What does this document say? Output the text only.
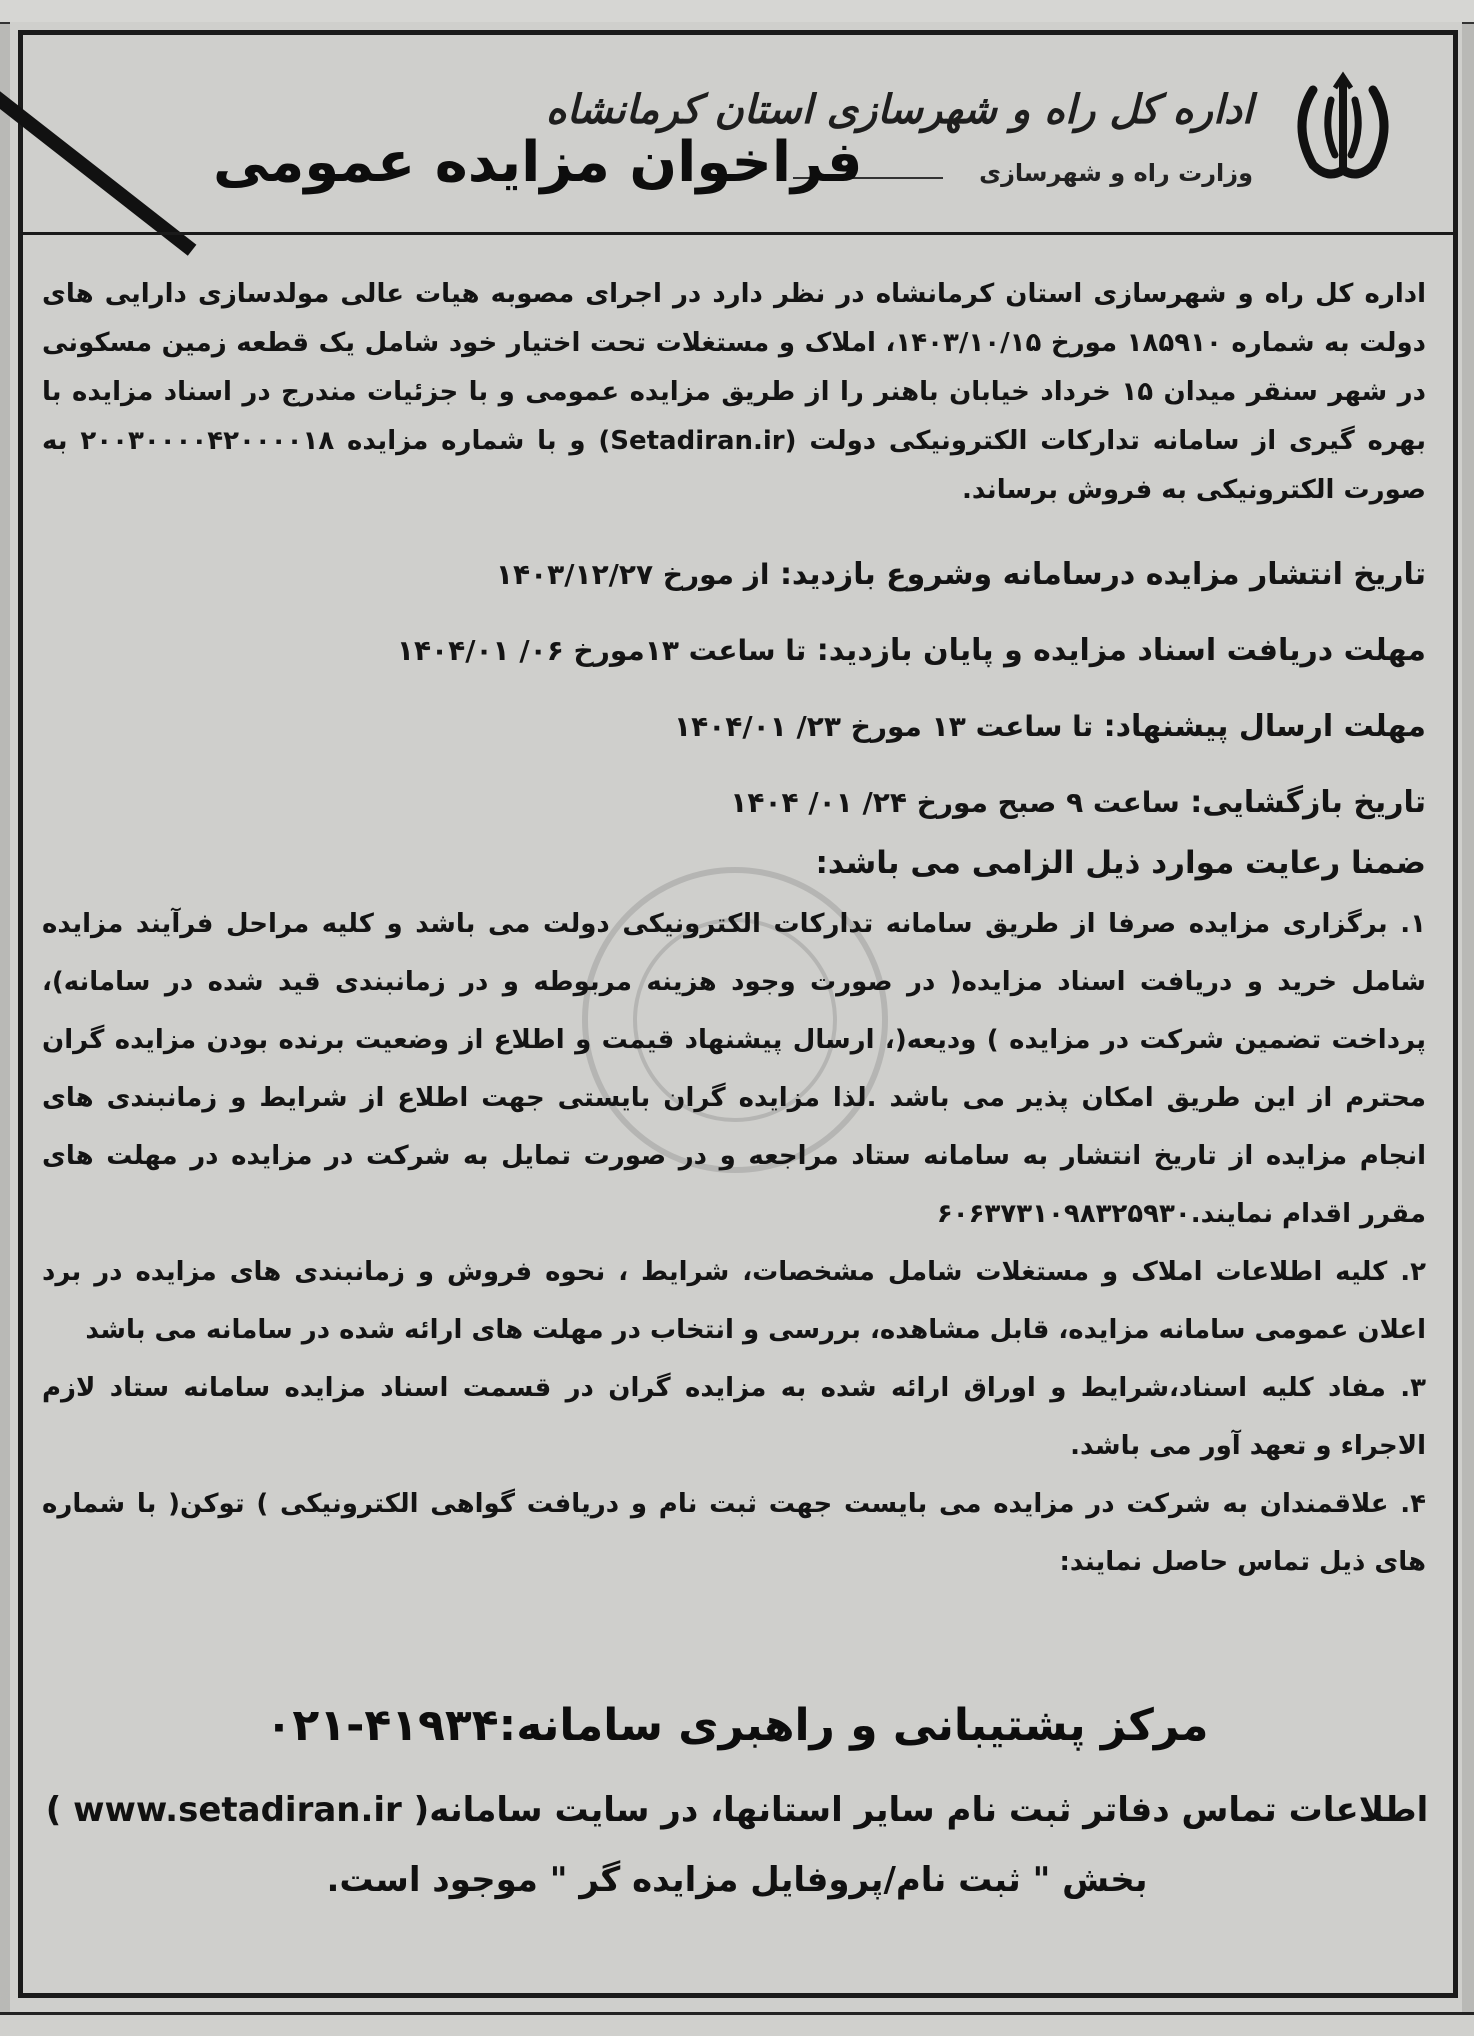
اداره کل راه و شهرسازی استان کرمانشاه
وزارت راه و شهرسازی
فراخوان مزایده عمومی

اداره کل راه و شهرسازی استان کرمانشاه در نظر دارد در اجرای مصوبه هیات عالی مولدسازی دارایی های دولت به شماره ۱۸۵۹۱۰ مورخ ۱۴۰۳/۱۰/۱۵، املاک و مستغلات تحت اختیار خود شامل یک قطعه زمین مسکونی در شهر سنقر میدان ۱۵ خرداد خیابان باهنر را از طریق مزایده عمومی و با جزئیات مندرج در اسناد مزایده با بهره گیری از سامانه تدارکات الکترونیکی دولت (Setadiran.ir) و با شماره مزایده ۲۰۰۳۰۰۰۰۴۲۰۰۰۰۱۸ به صورت الکترونیکی به فروش برساند.

تاریخ انتشار مزایده درسامانه وشروع بازدید: از مورخ ۱۴۰۳/۱۲/۲۷
مهلت دریافت اسناد مزایده و پایان بازدید: تا ساعت ۱۳مورخ ۰۶/ ۱۴۰۴/۰۱
مهلت ارسال پیشنهاد: تا ساعت ۱۳ مورخ ۲۳/ ۱۴۰۴/۰۱
تاریخ بازگشایی: ساعت ۹ صبح مورخ ۲۴/ ۰۱/ ۱۴۰۴
ضمنا رعایت موارد ذیل الزامی می باشد:

۱. برگزاری مزایده صرفا از طریق سامانه تدارکات الکترونیکی دولت می باشد و کلیه مراحل فرآیند مزایده شامل خرید و دریافت اسناد مزایده( در صورت وجود هزینه مربوطه و در زمانبندی قید شده در سامانه)، پرداخت تضمین شرکت در مزایده ) ودیعه(، ارسال پیشنهاد قیمت و اطلاع از وضعیت برنده بودن مزایده گران محترم از این طریق امکان پذیر می باشد .لذا مزایده گران بایستی جهت اطلاع از شرایط و زمانبندی های انجام مزایده از تاریخ انتشار به سامانه ستاد مراجعه و در صورت تمایل به شرکت در مزایده در مهلت های مقرر اقدام نمایند.۶۰۶۳۷۳۱۰۹۸۳۲۵۹۳۰

۲. کلیه اطلاعات املاک و مستغلات شامل مشخصات، شرایط ، نحوه فروش و زمانبندی های مزایده در برد اعلان عمومی سامانه مزایده، قابل مشاهده، بررسی و انتخاب در مهلت های ارائه شده در سامانه می باشد

۳. مفاد کلیه اسناد،شرایط و اوراق ارائه شده به مزایده گران در قسمت اسناد مزایده سامانه ستاد لازم الاجراء و تعهد آور می باشد.

۴. علاقمندان به شرکت در مزایده می بایست جهت ثبت نام و دریافت گواهی الکترونیکی ) توکن( با شماره های ذیل تماس حاصل نمایند:

مرکز پشتیبانی و راهبری سامانه:۴۱۹۳۴-۰۲۱
اطلاعات تماس دفاتر ثبت نام سایر استانها، در سایت سامانه( www.setadiran.ir )
بخش " ثبت نام/پروفایل مزایده گر " موجود است.
